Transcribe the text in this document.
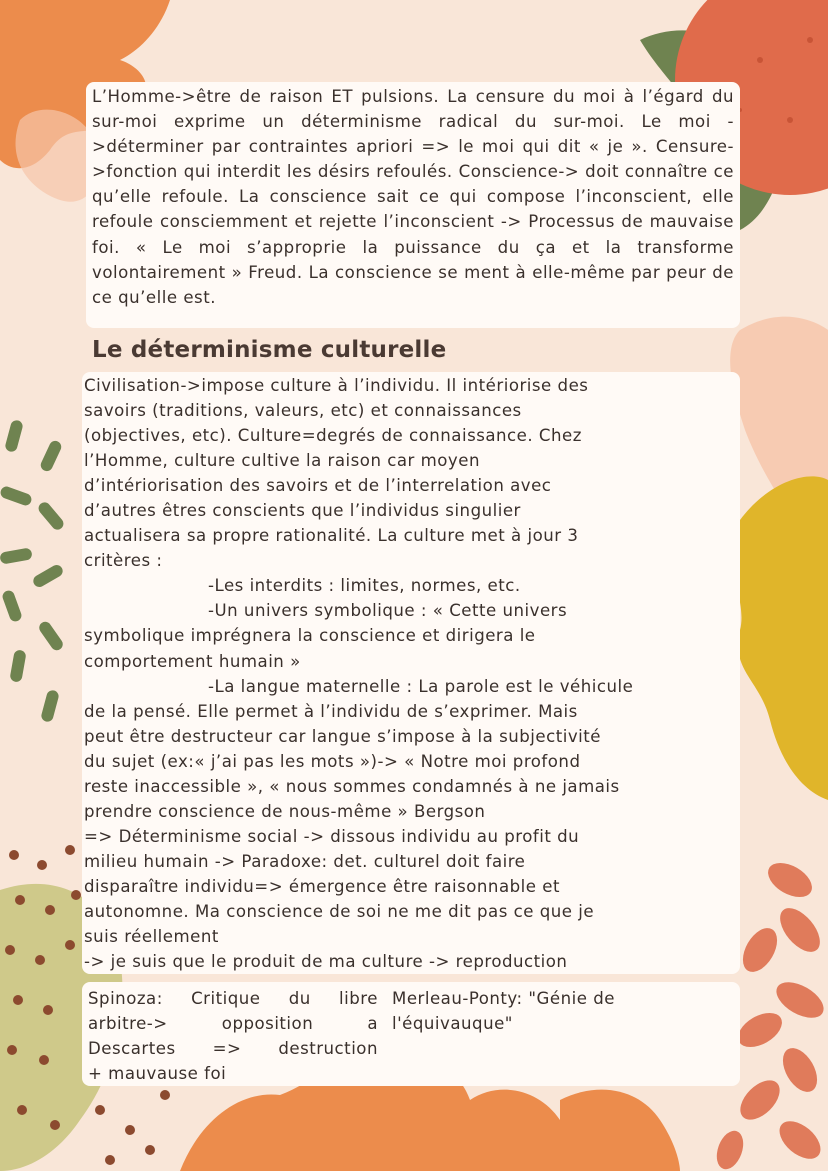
L’Homme->être de raison ET pulsions. La censure du moi à l’égard du sur-moi exprime un déterminisme radical du sur-moi. Le moi ->déterminer par contraintes apriori => le moi qui dit « je ». Censure->fonction qui interdit les désirs refoulés. Conscience-> doit connaître ce qu’elle refoule. La conscience sait ce qui compose l’inconscient, elle refoule consciemment et rejette l’inconscient -> Processus de mauvaise foi. « Le moi s’approprie la puissance du ça et la transforme volontairement » Freud. La conscience se ment à elle-même par peur de ce qu’elle est.

Le déterminisme culturelle
Civilisation->impose culture à l’individu. Il intériorise des
savoirs (traditions, valeurs, etc) et connaissances
(objectives, etc). Culture=degrés de connaissance. Chez
l’Homme, culture cultive la raison car moyen
d’intériorisation des savoirs et de l’interrelation avec
d’autres êtres conscients que l’individus singulier
actualisera sa propre rationalité. La culture met à jour 3
critères :
-Les interdits : limites, normes, etc.
-Un univers symbolique : « Cette univers
symbolique imprégnera la conscience et dirigera le
comportement humain »
-La langue maternelle : La parole est le véhicule
de la pensé. Elle permet à l’individu de s’exprimer. Mais
peut être destructeur car langue s’impose à la subjectivité
du sujet (ex:« j’ai pas les mots »)-> « Notre moi profond
reste inaccessible », « nous sommes condamnés à ne jamais
prendre conscience de nous-même » Bergson
=> Déterminisme social -> dissous individu au profit du
milieu humain -> Paradoxe: det. culturel doit faire
disparaître individu=> émergence être raisonnable et
autonomne. Ma conscience de soi ne me dit pas ce que je
suis réellement
-> je suis que le produit de ma culture -> reproduction
Spinoza: Critique du libre
arbitre->	opposition	a
Descartes => destruction
+ mauvause foi
Merleau-Ponty: "Génie de
l'équivauque"
